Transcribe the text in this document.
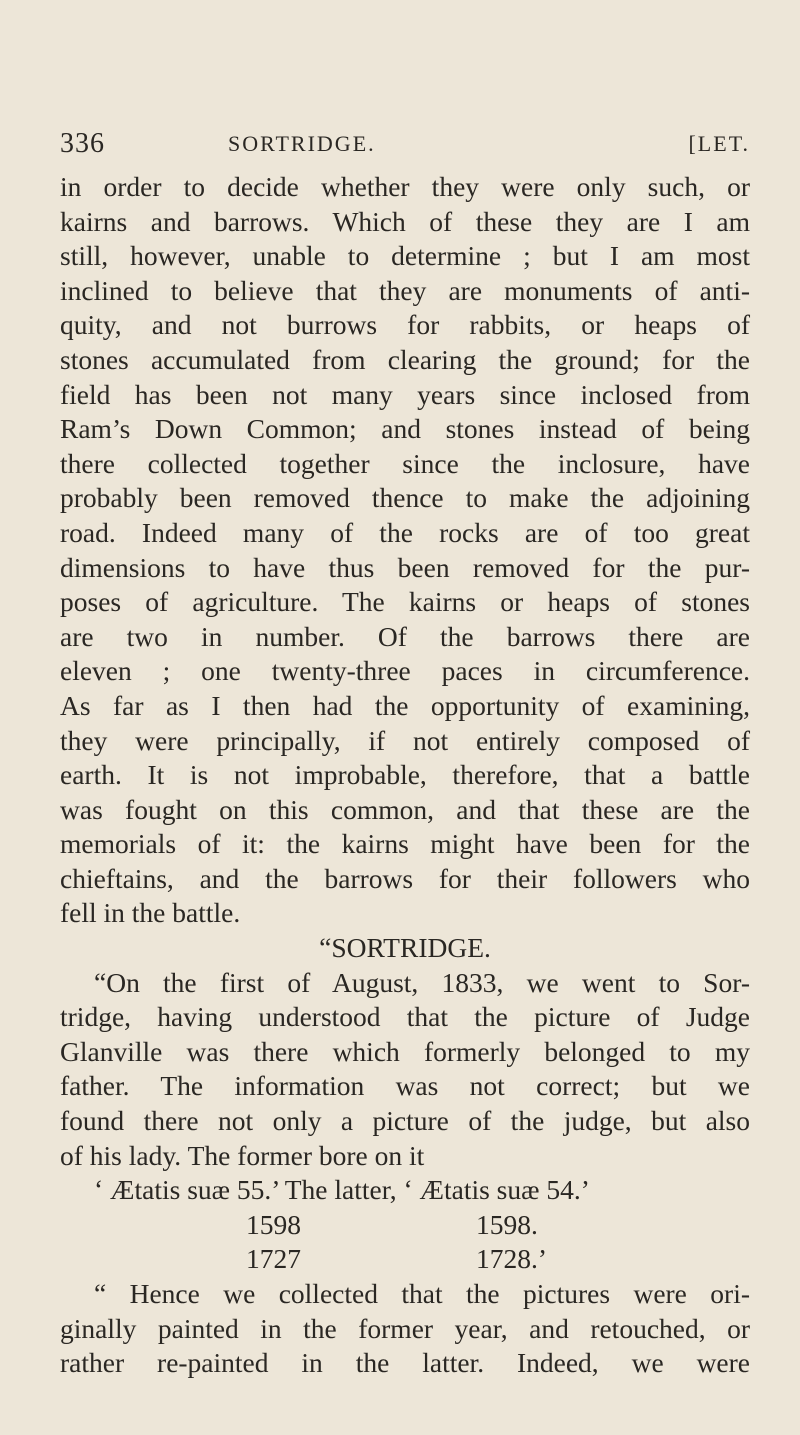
336	SORTRIDGE.	[LET.
in order to decide whether they were only such, or
kairns and barrows. Which of these they are I am
still, however, unable to determine ; but I am most
inclined to believe that they are monuments of anti-
quity, and not burrows for rabbits, or heaps of
stones accumulated from clearing the ground; for the
field has been not many years since inclosed from
Ram’s Down Common; and stones instead of being
there collected together since the inclosure, have
probably been removed thence to make the adjoining
road. Indeed many of the rocks are of too great
dimensions to have thus been removed for the pur-
poses of agriculture. The kairns or heaps of stones
are two in number. Of the barrows there are
eleven ; one twenty-three paces in circumference.
As far as I then had the opportunity of examining,
they were principally, if not entirely composed of
earth. It is not improbable, therefore, that a battle
was fought on this common, and that these are the
memorials of it: the kairns might have been for the
chieftains, and the barrows for their followers who
fell in the battle.
“SORTRIDGE.
“On the first of August, 1833, we went to Sor-
tridge, having understood that the picture of Judge
Glanville was there which formerly belonged to my
father. The information was not correct; but we
found there not only a picture of the judge, but also
of his lady. The former bore on it
‘ Ætatis suæ 55.’ The latter, ‘ Ætatis suæ 54.’
1598	1598.
1727	1728.’
“ Hence we collected that the pictures were ori-
ginally painted in the former year, and retouched, or
rather re-painted in the latter. Indeed, we were
